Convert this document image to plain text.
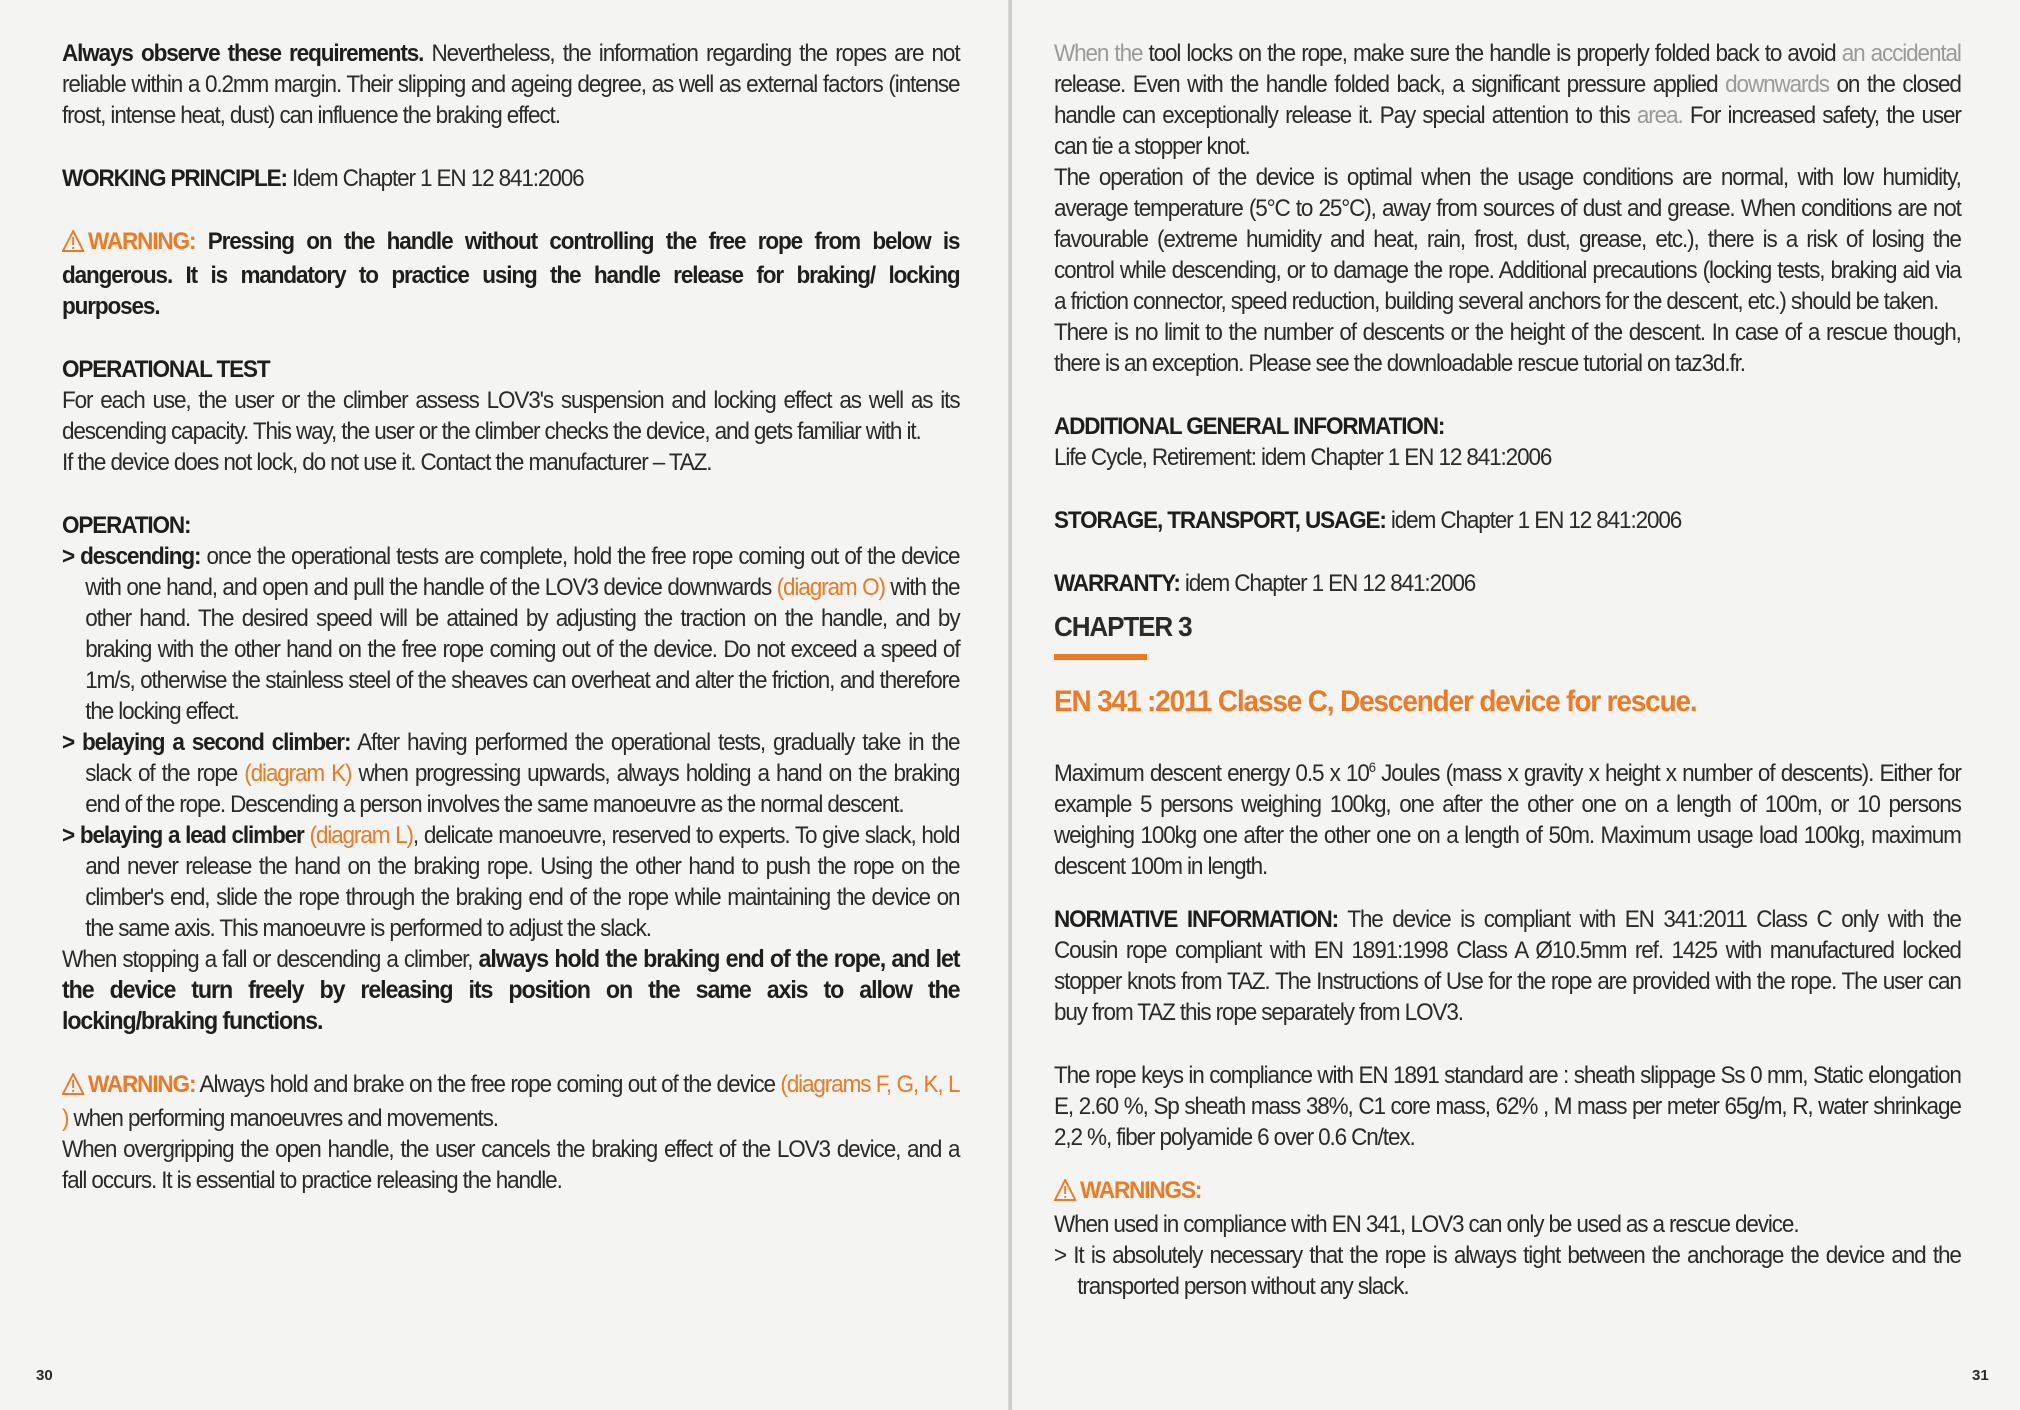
Always observe these requirements. Nevertheless, the information regarding the ropes are not reliable within a 0.2mm margin. Their slipping and ageing degree, as well as external factors (intense frost, intense heat, dust) can influence the braking effect.

WORKING PRINCIPLE: Idem Chapter 1 EN 12 841:2006

WARNING: Pressing on the handle without controlling the free rope from below is dangerous. It is mandatory to practice using the handle release for braking/ locking purposes.

OPERATIONAL TEST

For each use, the user or the climber assess LOV3's suspension and locking effect as well as its descending capacity. This way, the user or the climber checks the device, and gets familiar with it.

If the device does not lock, do not use it. Contact the manufacturer – TAZ.

OPERATION:

> descending: once the operational tests are complete, hold the free rope coming out of the device with one hand, and open and pull the handle of the LOV3 device downwards (diagram O) with the other hand. The desired speed will be attained by adjusting the traction on the handle, and by braking with the other hand on the free rope coming out of the device. Do not exceed a speed of 1m/s, otherwise the stainless steel of the sheaves can overheat and alter the friction, and therefore the locking effect.

> belaying a second climber: After having performed the operational tests, gradually take in the slack of the rope (diagram K) when progressing upwards, always holding a hand on the braking end of the rope. Descending a person involves the same manoeuvre as the normal descent.

> belaying a lead climber (diagram L), delicate manoeuvre, reserved to experts. To give slack, hold and never release the hand on the braking rope. Using the other hand to push the rope on the climber's end, slide the rope through the braking end of the rope while maintaining the device on the same axis. This manoeuvre is performed to adjust the slack.

When stopping a fall or descending a climber, always hold the braking end of the rope, and let the device turn freely by releasing its position on the same axis to allow the locking/braking functions.

WARNING: Always hold and brake on the free rope coming out of the device (diagrams F, G, K, L ) when performing manoeuvres and movements.

When overgripping the open handle, the user cancels the braking effect of the LOV3 device, and a fall occurs. It is essential to practice releasing the handle.

30

When the tool locks on the rope, make sure the handle is properly folded back to avoid an accidental release. Even with the handle folded back, a significant pressure applied downwards on the closed handle can exceptionally release it. Pay special attention to this area. For increased safety, the user can tie a stopper knot.

The operation of the device is optimal when the usage conditions are normal, with low humidity, average temperature (5°C to 25°C), away from sources of dust and grease. When conditions are not favourable (extreme humidity and heat, rain, frost, dust, grease, etc.), there is a risk of losing the control while descending, or to damage the rope. Additional precautions (locking tests, braking aid via a friction connector, speed reduction, building several anchors for the descent, etc.) should be taken.

There is no limit to the number of descents or the height of the descent. In case of a rescue though, there is an exception. Please see the downloadable rescue tutorial on taz3d.fr.

ADDITIONAL GENERAL INFORMATION:

Life Cycle, Retirement: idem Chapter 1 EN 12 841:2006

STORAGE, TRANSPORT, USAGE: idem Chapter 1 EN 12 841:2006

WARRANTY: idem Chapter 1 EN 12 841:2006

CHAPTER 3

EN 341 :2011 Classe C, Descender device for rescue.

Maximum descent energy 0.5 x $10^6$ Joules (mass x gravity x height x number of descents). Either for example 5 persons weighing 100kg, one after the other one on a length of 100m, or 10 persons weighing 100kg one after the other one on a length of 50m. Maximum usage load 100kg, maximum descent 100m in length.

NORMATIVE INFORMATION: The device is compliant with EN 341:2011 Class C only with the Cousin rope compliant with EN 1891:1998 Class A Ø10.5mm ref. 1425 with manufactured locked stopper knots from TAZ. The Instructions of Use for the rope are provided with the rope. The user can buy from TAZ this rope separately from LOV3.

The rope keys in compliance with EN 1891 standard are : sheath slippage Ss 0 mm, Static elongation E, 2.60 %, Sp sheath mass 38%, C1 core mass, 62% , M mass per meter 65g/m, R, water shrinkage 2,2 %, fiber polyamide 6 over 0.6 Cn/tex.

WARNINGS:

When used in compliance with EN 341, LOV3 can only be used as a rescue device.

> It is absolutely necessary that the rope is always tight between the anchorage the device and the transported person without any slack.

31
